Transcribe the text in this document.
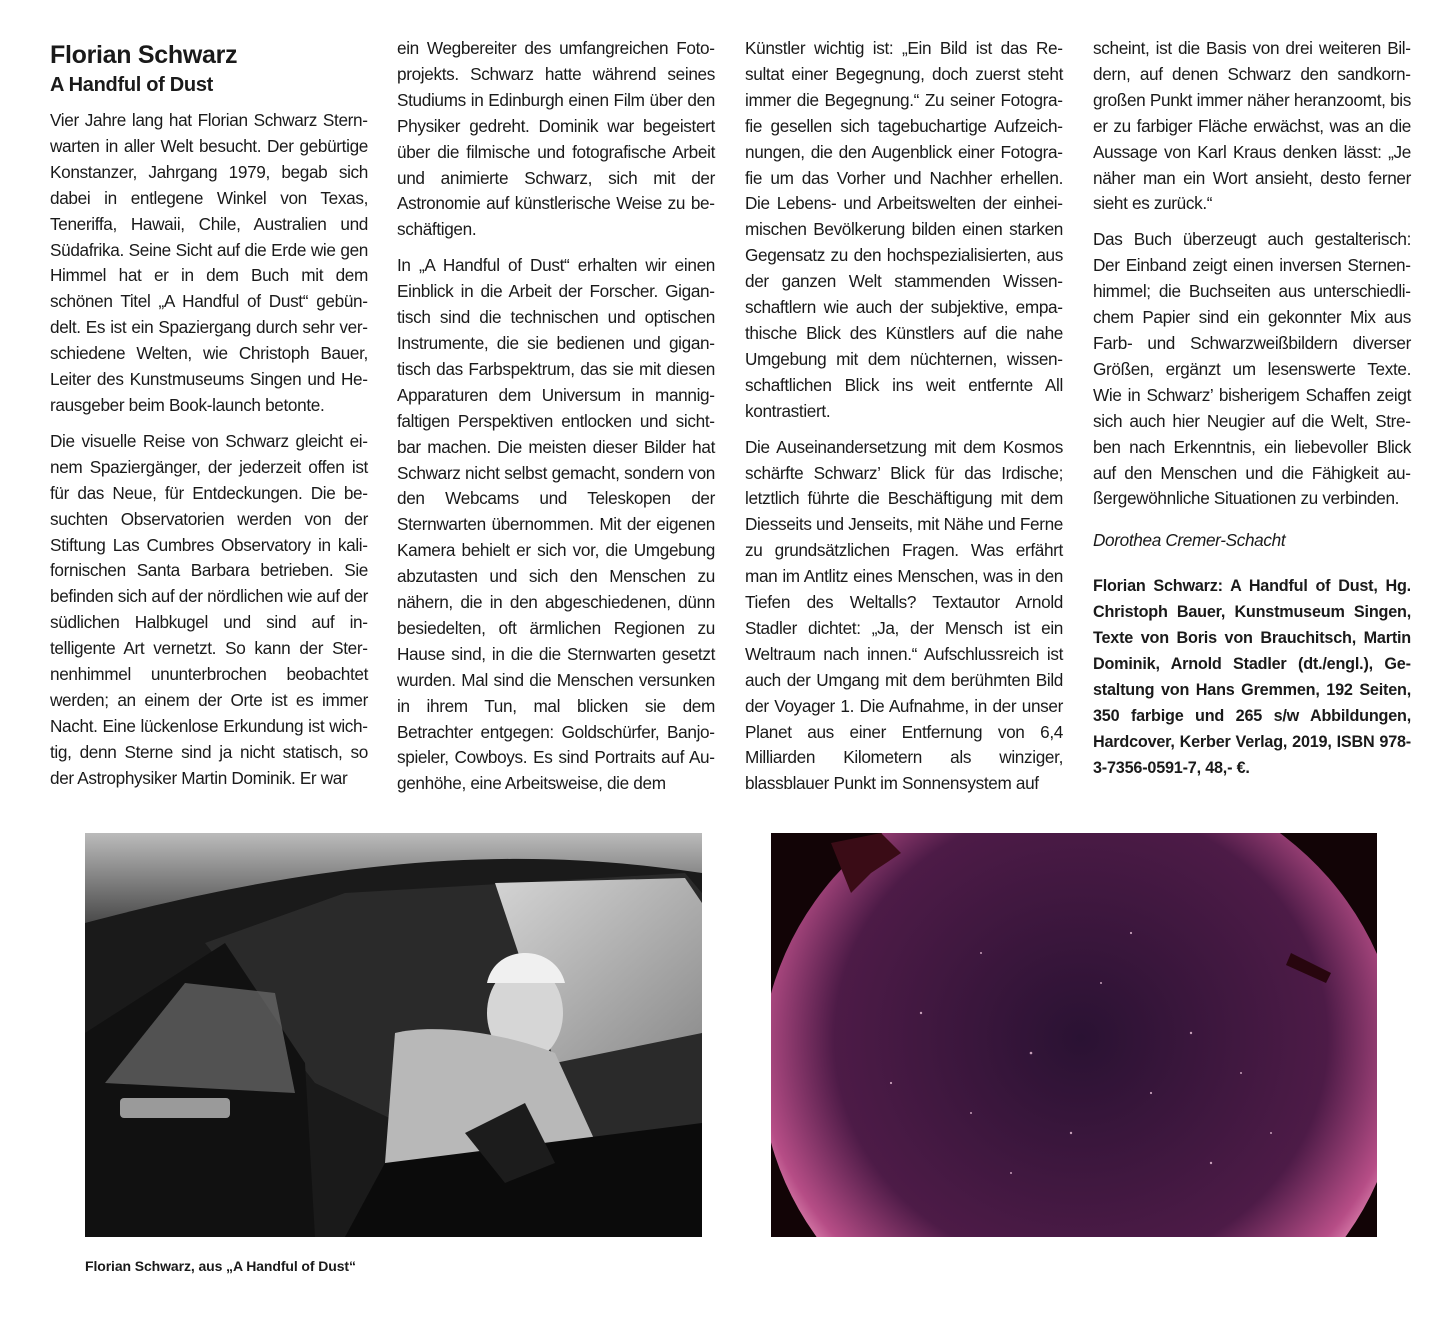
Florian Schwarz
A Handful of Dust

Vier Jahre lang hat Florian Schwarz Sternwarten in aller Welt besucht. Der gebürtige Konstanzer, Jahrgang 1979, begab sich dabei in entlegene Winkel von Texas, Teneriffa, Hawaii, Chile, Australien und Südafrika. Seine Sicht auf die Erde wie gen Himmel hat er in dem Buch mit dem schönen Titel „A Handful of Dust“ gebündelt. Es ist ein Spaziergang durch sehr verschiedene Welten, wie Christoph Bauer, Leiter des Kunstmuseums Singen und Herausgeber beim Book-launch betonte.

Die visuelle Reise von Schwarz gleicht einem Spaziergänger, der jederzeit offen ist für das Neue, für Entdeckungen. Die besuchten Observatorien werden von der Stiftung Las Cumbres Observatory in kalifornischen Santa Barbara betrieben. Sie befinden sich auf der nördlichen wie auf der südlichen Halbkugel und sind auf intelligente Art vernetzt. So kann der Sternenhimmel ununterbrochen beobachtet werden; an einem der Orte ist es immer Nacht. Eine lückenlose Erkundung ist wichtig, denn Sterne sind ja nicht statisch, so der Astrophysiker Martin Dominik. Er war

ein Wegbereiter des umfangreichen Fotoprojekts. Schwarz hatte während seines Studiums in Edinburgh einen Film über den Physiker gedreht. Dominik war begeistert über die filmische und fotografische Arbeit und animierte Schwarz, sich mit der Astronomie auf künstlerische Weise zu beschäftigen.

In „A Handful of Dust“ erhalten wir einen Einblick in die Arbeit der Forscher. Gigantisch sind die technischen und optischen Instrumente, die sie bedienen und gigantisch das Farbspektrum, das sie mit diesen Apparaturen dem Universum in mannigfaltigen Perspektiven entlocken und sichtbar machen. Die meisten dieser Bilder hat Schwarz nicht selbst gemacht, sondern von den Webcams und Teleskopen der Sternwarten übernommen. Mit der eigenen Kamera behielt er sich vor, die Umgebung abzutasten und sich den Menschen zu nähern, die in den abgeschiedenen, dünn besiedelten, oft ärmlichen Regionen zu Hause sind, in die die Sternwarten gesetzt wurden. Mal sind die Menschen versunken in ihrem Tun, mal blicken sie dem Betrachter entgegen: Goldschürfer, Banjospieler, Cowboys. Es sind Portraits auf Augenhöhe, eine Arbeitsweise, die dem

Künstler wichtig ist: „Ein Bild ist das Resultat einer Begegnung, doch zuerst steht immer die Begegnung.“ Zu seiner Fotografie gesellen sich tagebuchartige Aufzeichnungen, die den Augenblick einer Fotografie um das Vorher und Nachher erhellen. Die Lebens- und Arbeitswelten der einheimischen Bevölkerung bilden einen starken Gegensatz zu den hochspezialisierten, aus der ganzen Welt stammenden Wissenschaftlern wie auch der subjektive, empathische Blick des Künstlers auf die nahe Umgebung mit dem nüchternen, wissenschaftlichen Blick ins weit entfernte All kontrastiert.

Die Auseinandersetzung mit dem Kosmos schärfte Schwarz’ Blick für das Irdische; letztlich führte die Beschäftigung mit dem Diesseits und Jenseits, mit Nähe und Ferne zu grundsätzlichen Fragen. Was erfährt man im Antlitz eines Menschen, was in den Tiefen des Weltalls? Textautor Arnold Stadler dichtet: „Ja, der Mensch ist ein Weltraum nach innen.“ Aufschlussreich ist auch der Umgang mit dem berühmten Bild der Voyager 1. Die Aufnahme, in der unser Planet aus einer Entfernung von 6,4 Milliarden Kilometern als winziger, blassblauer Punkt im Sonnensystem auf

scheint, ist die Basis von drei weiteren Bildern, auf denen Schwarz den sandkorngroßen Punkt immer näher heranzoomt, bis er zu farbiger Fläche erwächst, was an die Aussage von Karl Kraus denken lässt: „Je näher man ein Wort ansieht, desto ferner sieht es zurück.“

Das Buch überzeugt auch gestalterisch: Der Einband zeigt einen inversen Sternenhimmel; die Buchseiten aus unterschiedlichem Papier sind ein gekonnter Mix aus Farb- und Schwarzweißbildern diverser Größen, ergänzt um lesenswerte Texte. Wie in Schwarz’ bisherigem Schaffen zeigt sich auch hier Neugier auf die Welt, Streben nach Erkenntnis, ein liebevoller Blick auf den Menschen und die Fähigkeit außergewöhnliche Situationen zu verbinden.

Dorothea Cremer-Schacht

Florian Schwarz: A Handful of Dust, Hg. Christoph Bauer, Kunstmuseum Singen, Texte von Boris von Brauchitsch, Martin Dominik, Arnold Stadler (dt./engl.), Gestaltung von Hans Gremmen, 192 Seiten, 350 farbige und 265 s/w Abbildungen, Hardcover, Kerber Verlag, 2019, ISBN 978-3-7356-0591-7, 48,- €.

Florian Schwarz, aus „A Handful of Dust“
